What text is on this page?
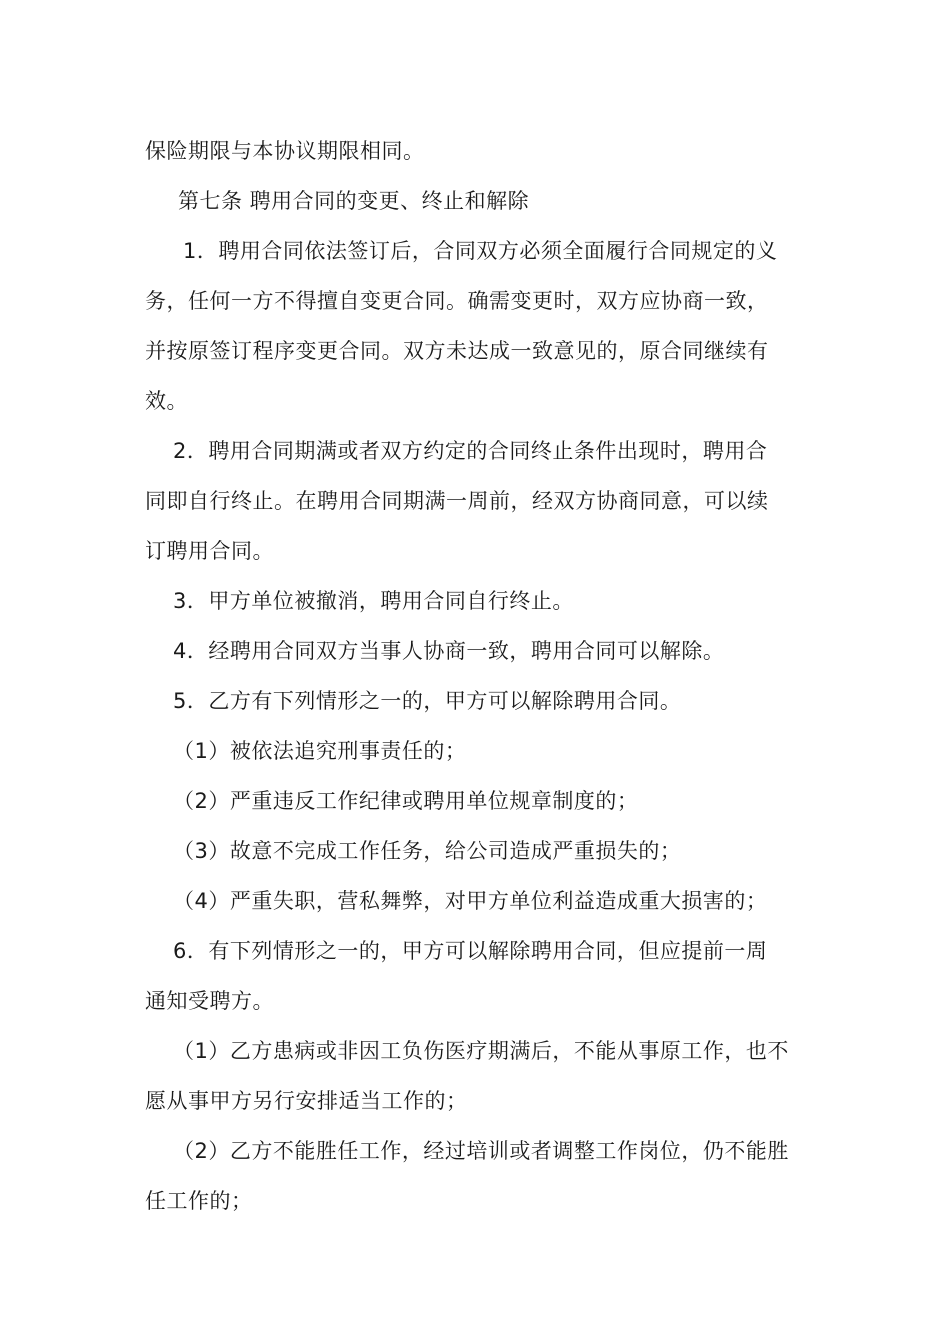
保险期限与本协议期限相同。
第七条 聘用合同的变更、终止和解除
1．聘用合同依法签订后，合同双方必须全面履行合同规定的义
务，任何一方不得擅自变更合同。确需变更时，双方应协商一致，
并按原签订程序变更合同。双方未达成一致意见的，原合同继续有
效。
2．聘用合同期满或者双方约定的合同终止条件出现时，聘用合
同即自行终止。在聘用合同期满一周前，经双方协商同意，可以续
订聘用合同。
3．甲方单位被撤消，聘用合同自行终止。
4．经聘用合同双方当事人协商一致，聘用合同可以解除。
5．乙方有下列情形之一的，甲方可以解除聘用合同。
（1）被依法追究刑事责任的；
（2）严重违反工作纪律或聘用单位规章制度的；
（3）故意不完成工作任务，给公司造成严重损失的；
（4）严重失职，营私舞弊，对甲方单位利益造成重大损害的；
6．有下列情形之一的，甲方可以解除聘用合同，但应提前一周
通知受聘方。
（1）乙方患病或非因工负伤医疗期满后，不能从事原工作，也不
愿从事甲方另行安排适当工作的；
（2）乙方不能胜任工作，经过培训或者调整工作岗位，仍不能胜
任工作的；
